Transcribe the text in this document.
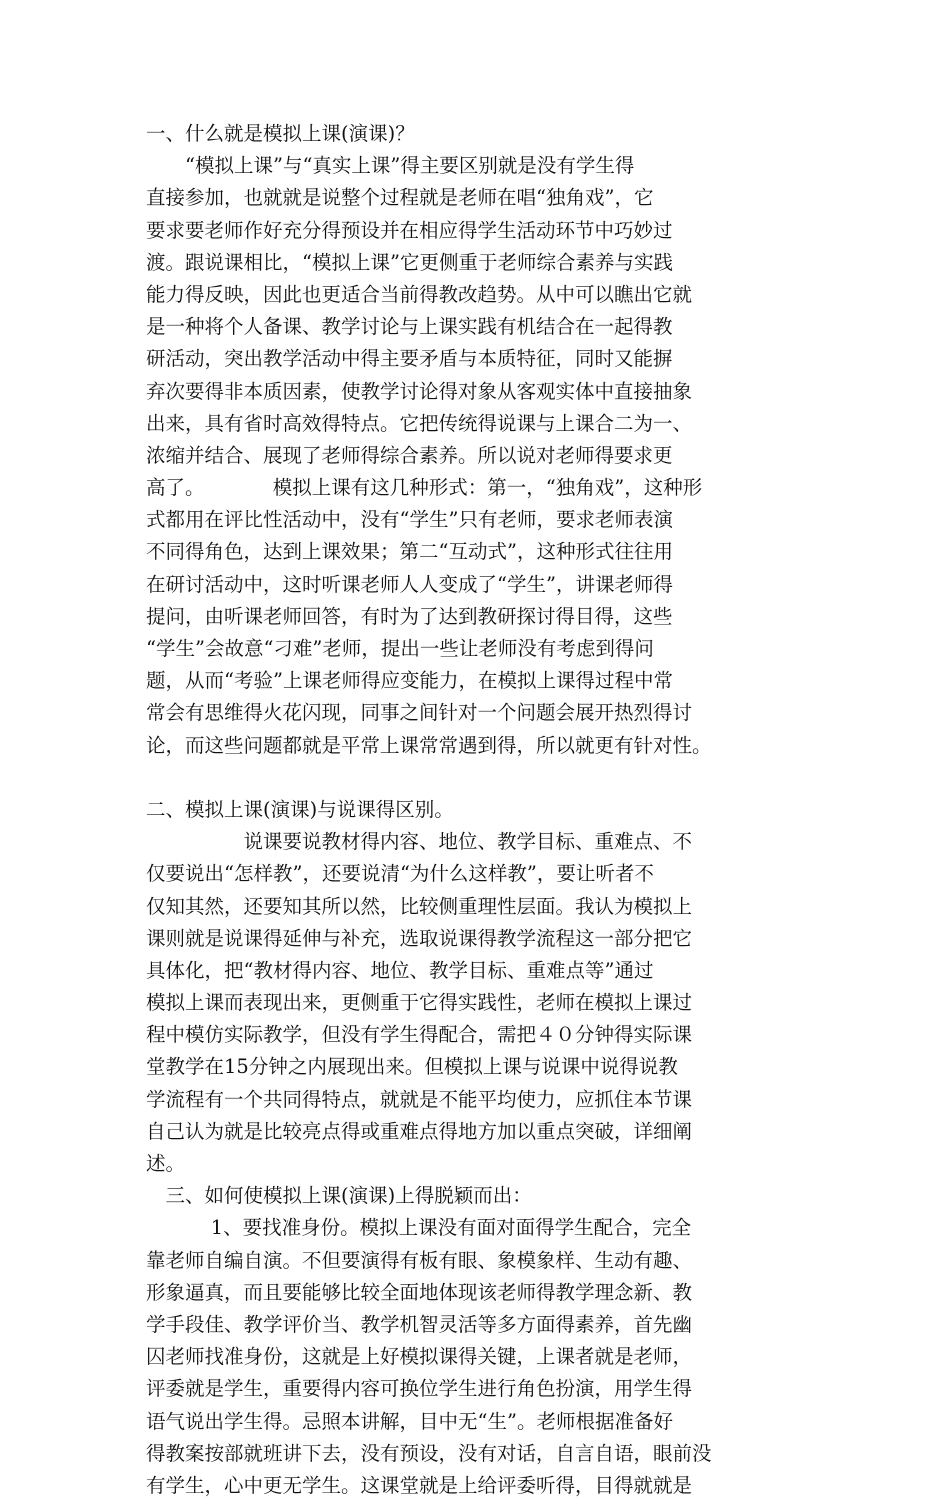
一、什么就是模拟上课(演课)？
　　“模拟上课”与“真实上课”得主要区别就是没有学生得
直接参加，也就就是说整个过程就是老师在唱“独角戏”，它
要求要老师作好充分得预设并在相应得学生活动环节中巧妙过
渡。跟说课相比，“模拟上课”它更侧重于老师综合素养与实践
能力得反映，因此也更适合当前得教改趋势。从中可以瞧出它就
是一种将个人备课、教学讨论与上课实践有机结合在一起得教
研活动，突出教学活动中得主要矛盾与本质特征，同时又能摒
弃次要得非本质因素，使教学讨论得对象从客观实体中直接抽象
出来，具有省时高效得特点。它把传统得说课与上课合二为一、
浓缩并结合、展现了老师得综合素养。所以说对老师得要求更
高了。　　　　模拟上课有这几种形式：第一，“独角戏”，这种形
式都用在评比性活动中，没有“学生”只有老师，要求老师表演
不同得角色，达到上课效果；第二“互动式”，这种形式往往用
在研讨活动中，这时听课老师人人变成了“学生”，讲课老师得
提问，由听课老师回答，有时为了达到教研探讨得目得，这些
“学生”会故意“刁难”老师，提出一些让老师没有考虑到得问
题，从而“考验”上课老师得应变能力，在模拟上课得过程中常
常会有思维得火花闪现，同事之间针对一个问题会展开热烈得讨
论，而这些问题都就是平常上课常常遇到得，所以就更有针对性。
二、模拟上课(演课)与说课得区别。
　　　　　说课要说教材得内容、地位、教学目标、重难点、不
仅要说出“怎样教”，还要说清“为什么这样教”，要让听者不
仅知其然，还要知其所以然，比较侧重理性层面。我认为模拟上
课则就是说课得延伸与补充，选取说课得教学流程这一部分把它
具体化，把“教材得内容、地位、教学目标、重难点等”通过
模拟上课而表现出来，更侧重于它得实践性，老师在模拟上课过
程中模仿实际教学，但没有学生得配合，需把４０分钟得实际课
堂教学在15分钟之内展现出来。但模拟上课与说课中说得说教
学流程有一个共同得特点，就就是不能平均使力，应抓住本节课
自己认为就是比较亮点得或重难点得地方加以重点突破，详细阐
述。
　三、如何使模拟上课(演课)上得脱颖而出：
　　　 1、要找准身份。模拟上课没有面对面得学生配合，完全
靠老师自编自演。不但要演得有板有眼、象模象样、生动有趣、
形象逼真，而且要能够比较全面地体现该老师得教学理念新、教
学手段佳、教学评价当、教学机智灵活等多方面得素养，首先幽
囚老师找准身份，这就是上好模拟课得关键，上课者就是老师，
评委就是学生，重要得内容可换位学生进行角色扮演，用学生得
语气说出学生得。忌照本讲解，目中无“生”。老师根据准备好
得教案按部就班讲下去，没有预设，没有对话，自言自语，眼前没
有学生，心中更无学生。这课堂就是上给评委听得，目得就就是
